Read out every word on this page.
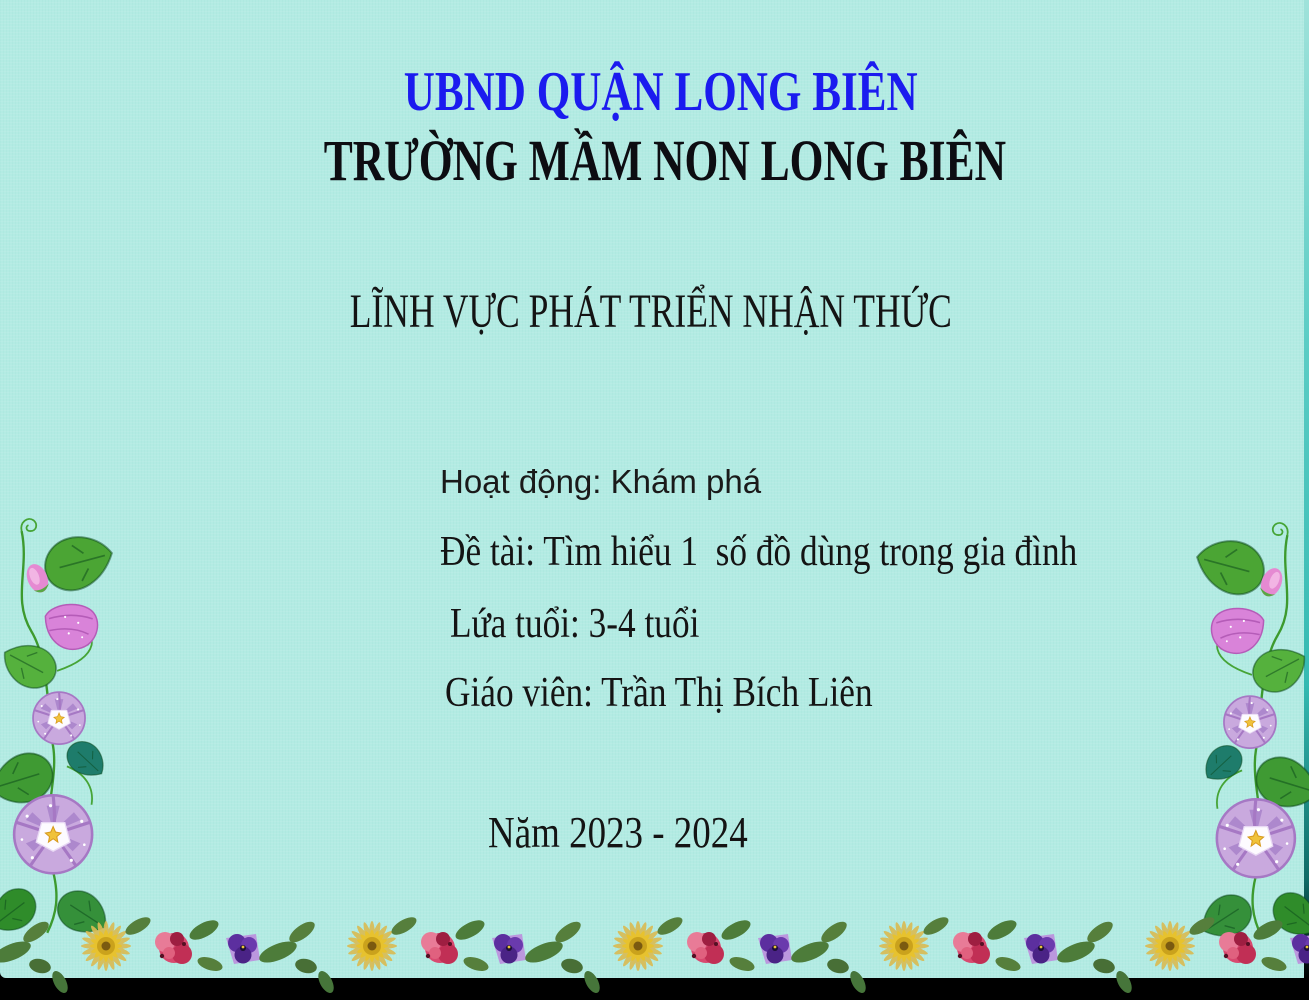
UBND QUẬN LONG BIÊN
TRƯỜNG MẦM NON LONG BIÊN
LĨNH VỰC PHÁT TRIỂN NHẬN THỨC
Hoạt động: Khám phá
Đề tài: Tìm hiểu 1  số đồ dùng trong gia đình
Lứa tuổi: 3-4 tuổi
Giáo viên: Trần Thị Bích Liên
Năm 2023 - 2024
